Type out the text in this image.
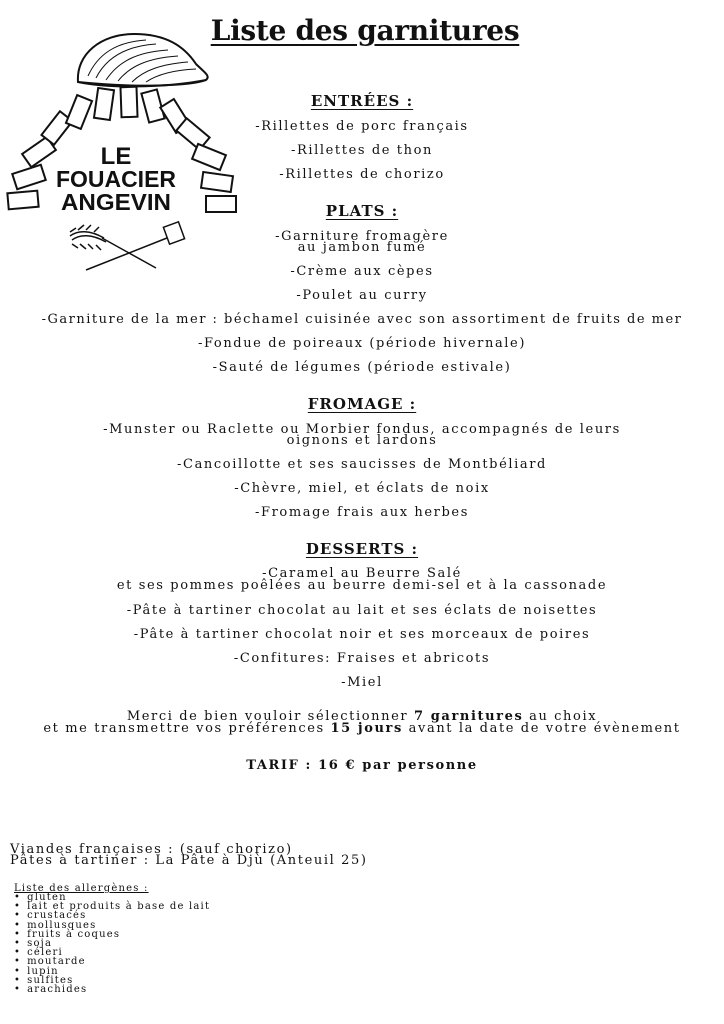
Liste des garnitures
LE
FOUACIER
ANGEVIN
ENTRÉES :
-Rillettes de porc français
-Rillettes de thon
-Rillettes de chorizo
PLATS :
-Garniture fromagère
au jambon fumé
-Crème aux cèpes
-Poulet au curry
-Garniture de la mer : béchamel cuisinée avec son assortiment de fruits de mer
-Fondue de poireaux (période hivernale)
-Sauté de légumes (période estivale)
FROMAGE :
-Munster ou Raclette ou Morbier fondus, accompagnés de leurs
oignons et lardons
-Cancoillotte et ses saucisses de Montbéliard
-Chèvre, miel, et éclats de noix
-Fromage frais aux herbes
DESSERTS :
-Caramel au Beurre Salé
et ses pommes poêlées au beurre demi-sel et à la cassonade
-Pâte à tartiner chocolat au lait et ses éclats de noisettes
-Pâte à tartiner chocolat noir et ses morceaux de poires
-Confitures: Fraises et abricots
-Miel
Merci de bien vouloir sélectionner 7 garnitures au choix
et me transmettre vos préférences 15 jours avant la date de votre évènement
TARIF : 16 € par personne
Viandes françaises : (sauf chorizo)
Pâtes à tartiner : La Pâte à Djù (Anteuil 25)
Liste des allergènes :
• gluten
• lait et produits à base de lait
• crustacés
• mollusques
• fruits à coques
• soja
• céleri
• moutarde
• lupin
• sulfites
• arachides
